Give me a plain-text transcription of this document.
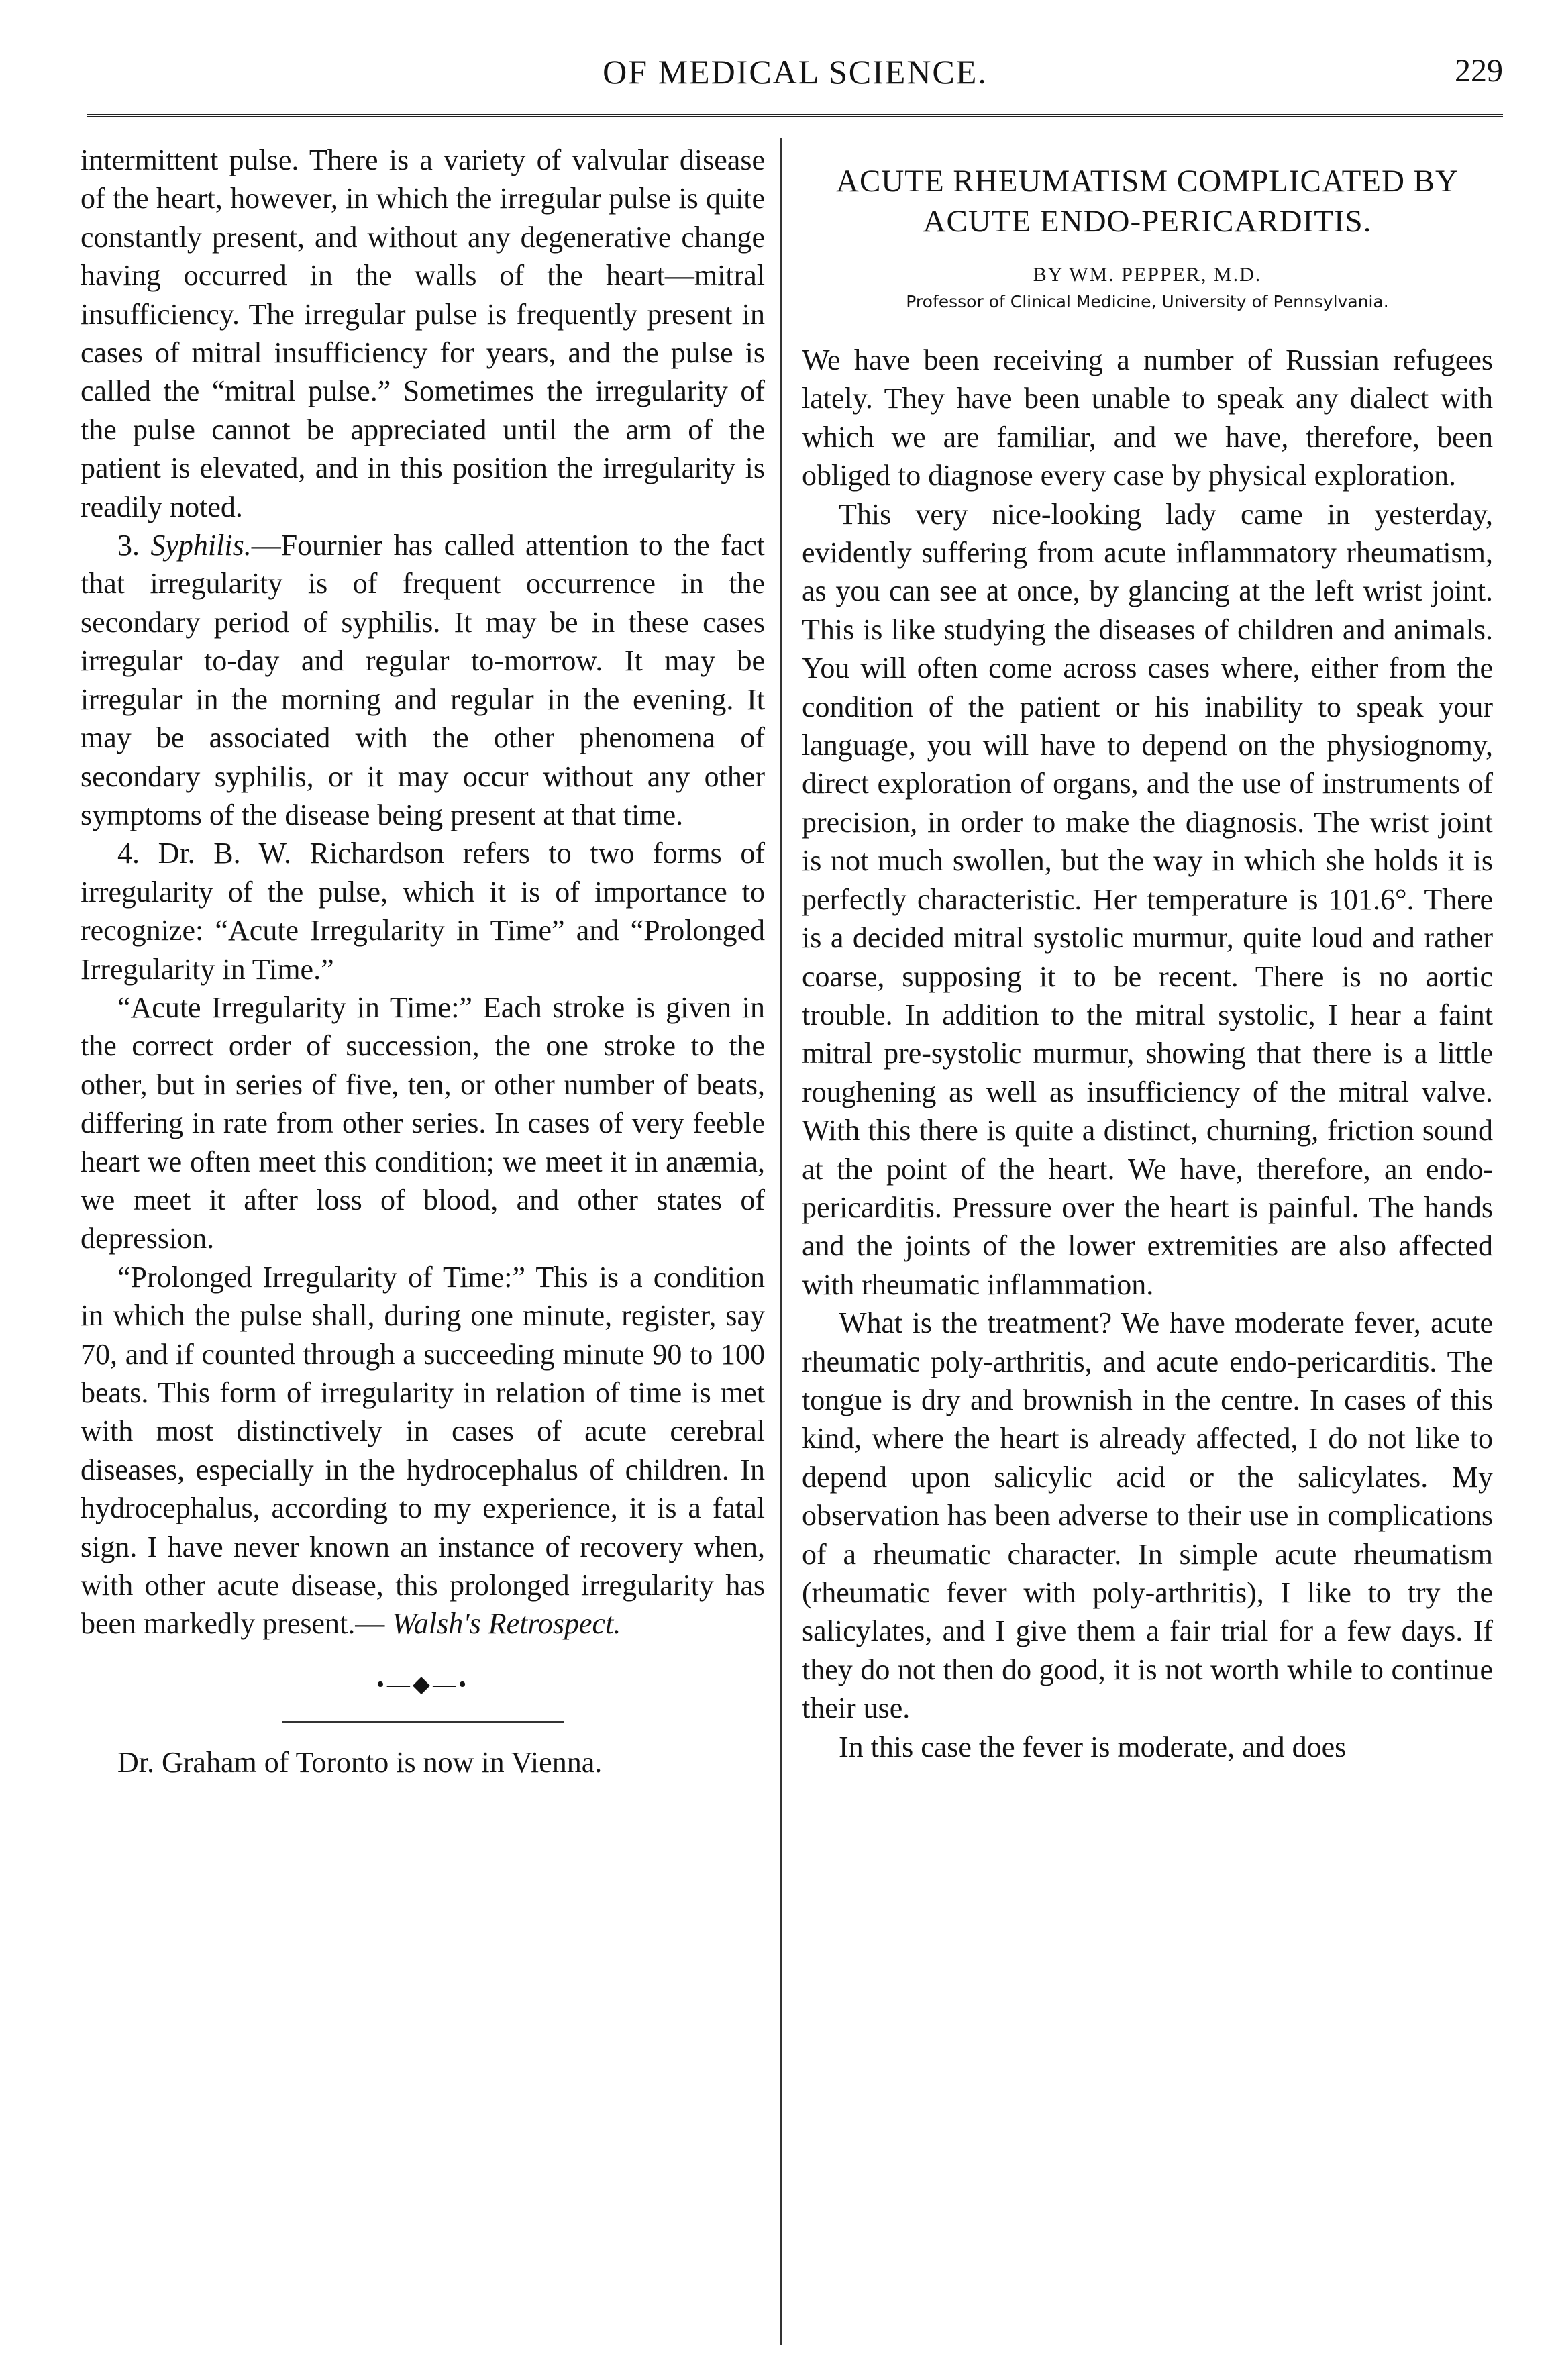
OF MEDICAL SCIENCE.	229

intermittent pulse. There is a variety of valvular disease of the heart, however, in which the irregular pulse is quite constantly present, and without any degenerative change having occurred in the walls of the heart—mitral insufficiency. The irregular pulse is frequently present in cases of mitral insufficiency for years, and the pulse is called the “mitral pulse.” Sometimes the irregularity of the pulse cannot be appreciated until the arm of the patient is elevated, and in this position the irregularity is readily noted.

3. Syphilis.—Fournier has called attention to the fact that irregularity is of frequent occurrence in the secondary period of syphilis. It may be in these cases irregular to-day and regular to-morrow. It may be irregular in the morning and regular in the evening. It may be associated with the other phenomena of secondary syphilis, or it may occur without any other symptoms of the disease being present at that time.

4. Dr. B. W. Richardson refers to two forms of irregularity of the pulse, which it is of importance to recognize: “Acute Irregularity in Time” and “Prolonged Irregularity in Time.”

“Acute Irregularity in Time:” Each stroke is given in the correct order of succession, the one stroke to the other, but in series of five, ten, or other number of beats, differing in rate from other series. In cases of very feeble heart we often meet this condition; we meet it in anæmia, we meet it after loss of blood, and other states of depression.

“Prolonged Irregularity of Time:” This is a condition in which the pulse shall, during one minute, register, say 70, and if counted through a succeeding minute 90 to 100 beats. This form of irregularity in relation of time is met with most distinctively in cases of acute cerebral diseases, especially in the hydrocephalus of children. In hydrocephalus, according to my experience, it is a fatal sign. I have never known an instance of recovery when, with other acute disease, this prolonged irregularity has been markedly present.— Walsh's Retrospect.

•—◆—•

Dr. Graham of Toronto is now in Vienna.

ACUTE RHEUMATISM COMPLICATED BY ACUTE ENDO-PERICARDITIS.
BY WM. PEPPER, M.D.
Professor of Clinical Medicine, University of Pennsylvania.

We have been receiving a number of Russian refugees lately. They have been unable to speak any dialect with which we are familiar, and we have, therefore, been obliged to diagnose every case by physical exploration.

This very nice-looking lady came in yesterday, evidently suffering from acute inflammatory rheumatism, as you can see at once, by glancing at the left wrist joint. This is like studying the diseases of children and animals. You will often come across cases where, either from the condition of the patient or his inability to speak your language, you will have to depend on the physiognomy, direct exploration of organs, and the use of instruments of precision, in order to make the diagnosis. The wrist joint is not much swollen, but the way in which she holds it is perfectly characteristic. Her temperature is 101.6°. There is a decided mitral systolic murmur, quite loud and rather coarse, supposing it to be recent. There is no aortic trouble. In addition to the mitral systolic, I hear a faint mitral pre-systolic murmur, showing that there is a little roughening as well as insufficiency of the mitral valve. With this there is quite a distinct, churning, friction sound at the point of the heart. We have, therefore, an endo-pericarditis. Pressure over the heart is painful. The hands and the joints of the lower extremities are also affected with rheumatic inflammation.

What is the treatment? We have moderate fever, acute rheumatic poly-arthritis, and acute endo-pericarditis. The tongue is dry and brownish in the centre. In cases of this kind, where the heart is already affected, I do not like to depend upon salicylic acid or the salicylates. My observation has been adverse to their use in complications of a rheumatic character. In simple acute rheumatism (rheumatic fever with poly-arthritis), I like to try the salicylates, and I give them a fair trial for a few days. If they do not then do good, it is not worth while to continue their use.

In this case the fever is moderate, and does
